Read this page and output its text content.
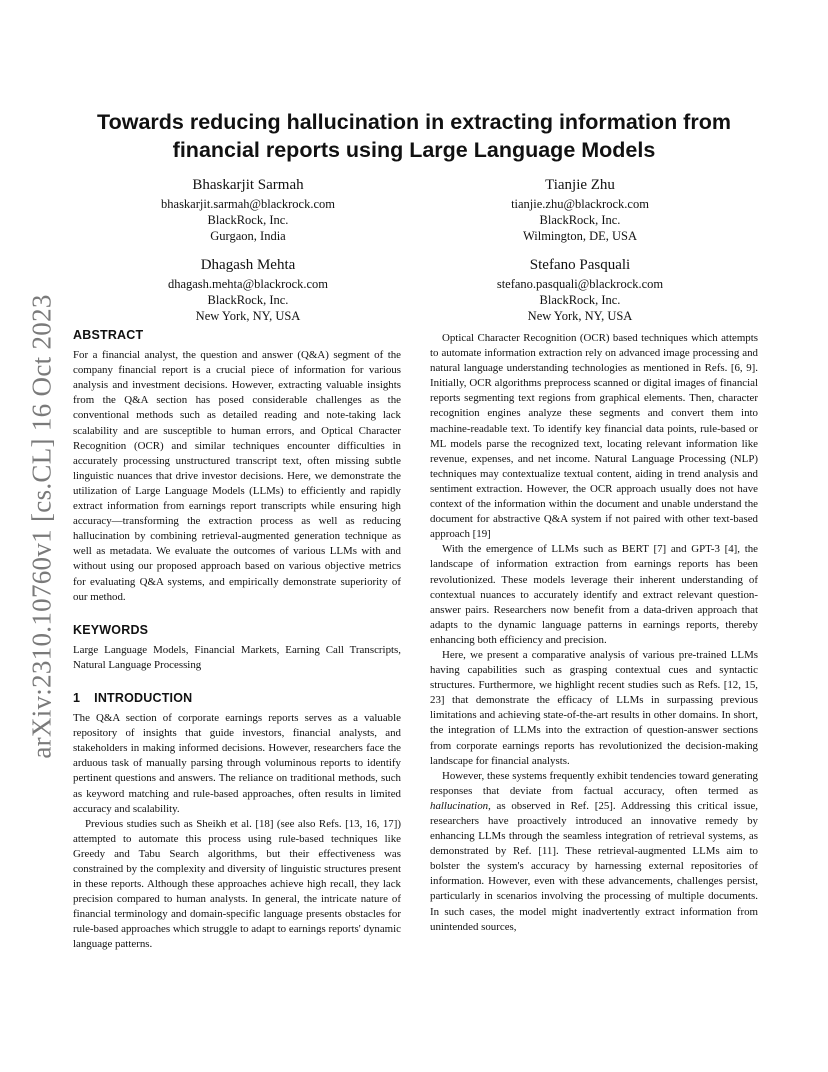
arXiv:2310.10760v1 [cs.CL] 16 Oct 2023
Towards reducing hallucination in extracting information from financial reports using Large Language Models
Bhaskarjit Sarmah
bhaskarjit.sarmah@blackrock.com
BlackRock, Inc.
Gurgaon, India
Tianjie Zhu
tianjie.zhu@blackrock.com
BlackRock, Inc.
Wilmington, DE, USA
Dhagash Mehta
dhagash.mehta@blackrock.com
BlackRock, Inc.
New York, NY, USA
Stefano Pasquali
stefano.pasquali@blackrock.com
BlackRock, Inc.
New York, NY, USA
ABSTRACT

For a financial analyst, the question and answer (Q&A) segment of the company financial report is a crucial piece of information for various analysis and investment decisions. However, extracting valuable insights from the Q&A section has posed considerable challenges as the conventional methods such as detailed reading and note-taking lack scalability and are susceptible to human errors, and Optical Character Recognition (OCR) and similar techniques encounter difficulties in accurately processing unstructured transcript text, often missing subtle linguistic nuances that drive investor decisions. Here, we demonstrate the utilization of Large Language Models (LLMs) to efficiently and rapidly extract information from earnings report transcripts while ensuring high accuracy—transforming the extraction process as well as reducing hallucination by combining retrieval-augmented generation technique as well as metadata. We evaluate the outcomes of various LLMs with and without using our proposed approach based on various objective metrics for evaluating Q&A systems, and empirically demonstrate superiority of our method.

KEYWORDS

Large Language Models, Financial Markets, Earning Call Transcripts, Natural Language Processing

1 INTRODUCTION

The Q&A section of corporate earnings reports serves as a valuable repository of insights that guide investors, financial analysts, and stakeholders in making informed decisions. However, researchers face the arduous task of manually parsing through voluminous reports to identify pertinent questions and answers. The reliance on traditional methods, such as keyword matching and rule-based approaches, often results in limited accuracy and scalability.

Previous studies such as Sheikh et al. [18] (see also Refs. [13, 16, 17]) attempted to automate this process using rule-based techniques like Greedy and Tabu Search algorithms, but their effectiveness was constrained by the complexity and diversity of linguistic structures present in these reports. Although these approaches achieve high recall, they lack precision compared to human analysts. In general, the intricate nature of financial terminology and domain-specific language presents obstacles for rule-based approaches which struggle to adapt to earnings reports' dynamic language patterns.

Optical Character Recognition (OCR) based techniques which attempts to automate information extraction rely on advanced image processing and natural language understanding technologies as mentioned in Refs. [6, 9]. Initially, OCR algorithms preprocess scanned or digital images of financial reports segmenting text regions from graphical elements. Then, character recognition engines analyze these segments and convert them into machine-readable text. To identify key financial data points, rule-based or ML models parse the recognized text, locating relevant information like revenue, expenses, and net income. Natural Language Processing (NLP) techniques may contextualize textual content, aiding in trend analysis and sentiment extraction. However, the OCR approach usually does not have context of the information within the document and unable understand the document for abstractive Q&A system if not paired with other text-based approach [19]

With the emergence of LLMs such as BERT [7] and GPT-3 [4], the landscape of information extraction from earnings reports has been revolutionized. These models leverage their inherent understanding of contextual nuances to accurately identify and extract relevant question-answer pairs. Researchers now benefit from a data-driven approach that adapts to the dynamic language patterns in earnings reports, thereby enhancing both efficiency and precision.

Here, we present a comparative analysis of various pre-trained LLMs having capabilities such as grasping contextual cues and syntactic structures. Furthermore, we highlight recent studies such as Refs. [12, 15, 23] that demonstrate the efficacy of LLMs in surpassing previous limitations and achieving state-of-the-art results in other domains. In short, the integration of LLMs into the extraction of question-answer sections from corporate earnings reports has revolutionized the decision-making landscape for financial analysts.

However, these systems frequently exhibit tendencies toward generating responses that deviate from factual accuracy, often termed as hallucination, as observed in Ref. [25]. Addressing this critical issue, researchers have proactively introduced an innovative remedy by enhancing LLMs through the seamless integration of retrieval systems, as demonstrated by Ref. [11]. These retrieval-augmented LLMs aim to bolster the system's accuracy by harnessing external repositories of information. However, even with these advancements, challenges persist, particularly in scenarios involving the processing of multiple documents. In such cases, the model might inadvertently extract information from unintended sources,
